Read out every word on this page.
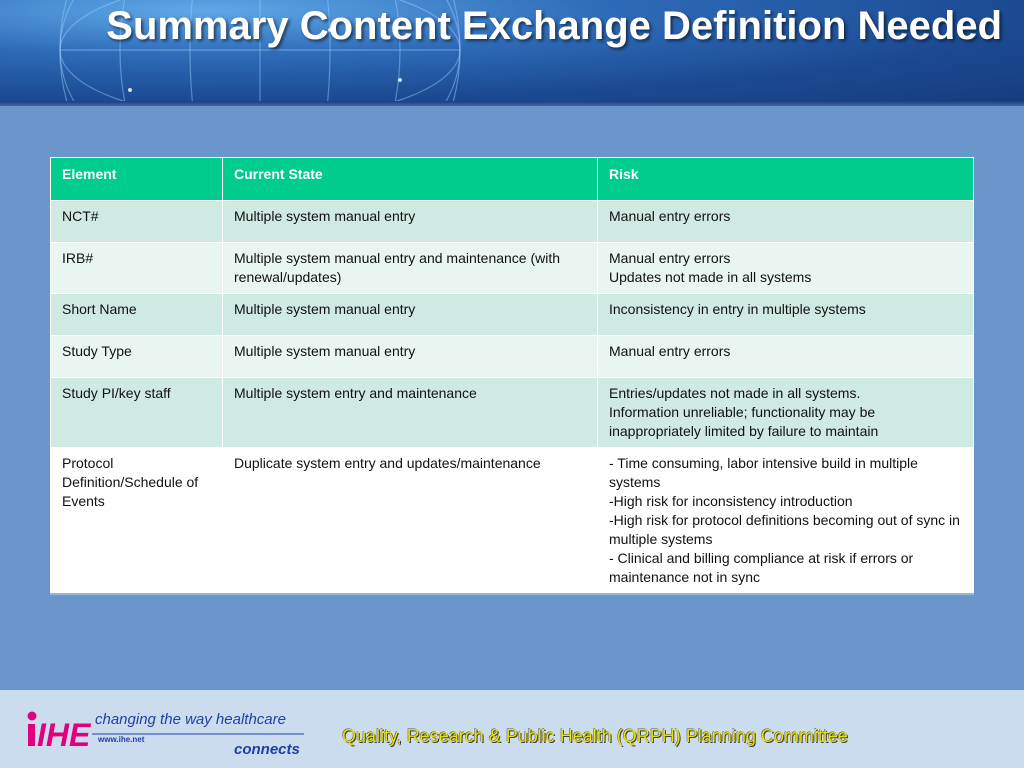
Summary Content Exchange Definition Needed
Element	Current State	Risk

NCT#	Multiple system manual entry	Manual entry errors

IRB#	Multiple system manual entry and maintenance (with renewal/updates)	Manual entry errors
Updates not made in all systems

Short Name	Multiple system manual entry	Inconsistency in entry in multiple systems

Study Type	Multiple system manual entry	Manual entry errors

Study PI/key staff	Multiple system entry and maintenance	Entries/updates not made in all systems.
Information unreliable; functionality may be inappropriately limited by failure to maintain

Protocol Definition/Schedule of Events	Duplicate system entry and updates/maintenance	- Time consuming, labor intensive build in multiple systems
-High risk for inconsistency introduction
-High risk for protocol definitions becoming out of sync in multiple systems
- Clinical and billing compliance at risk if errors or maintenance not in sync
IHE changing the way healthcare
www.ihe.net
connects
Quality, Research & Public Health (QRPH) Planning Committee
